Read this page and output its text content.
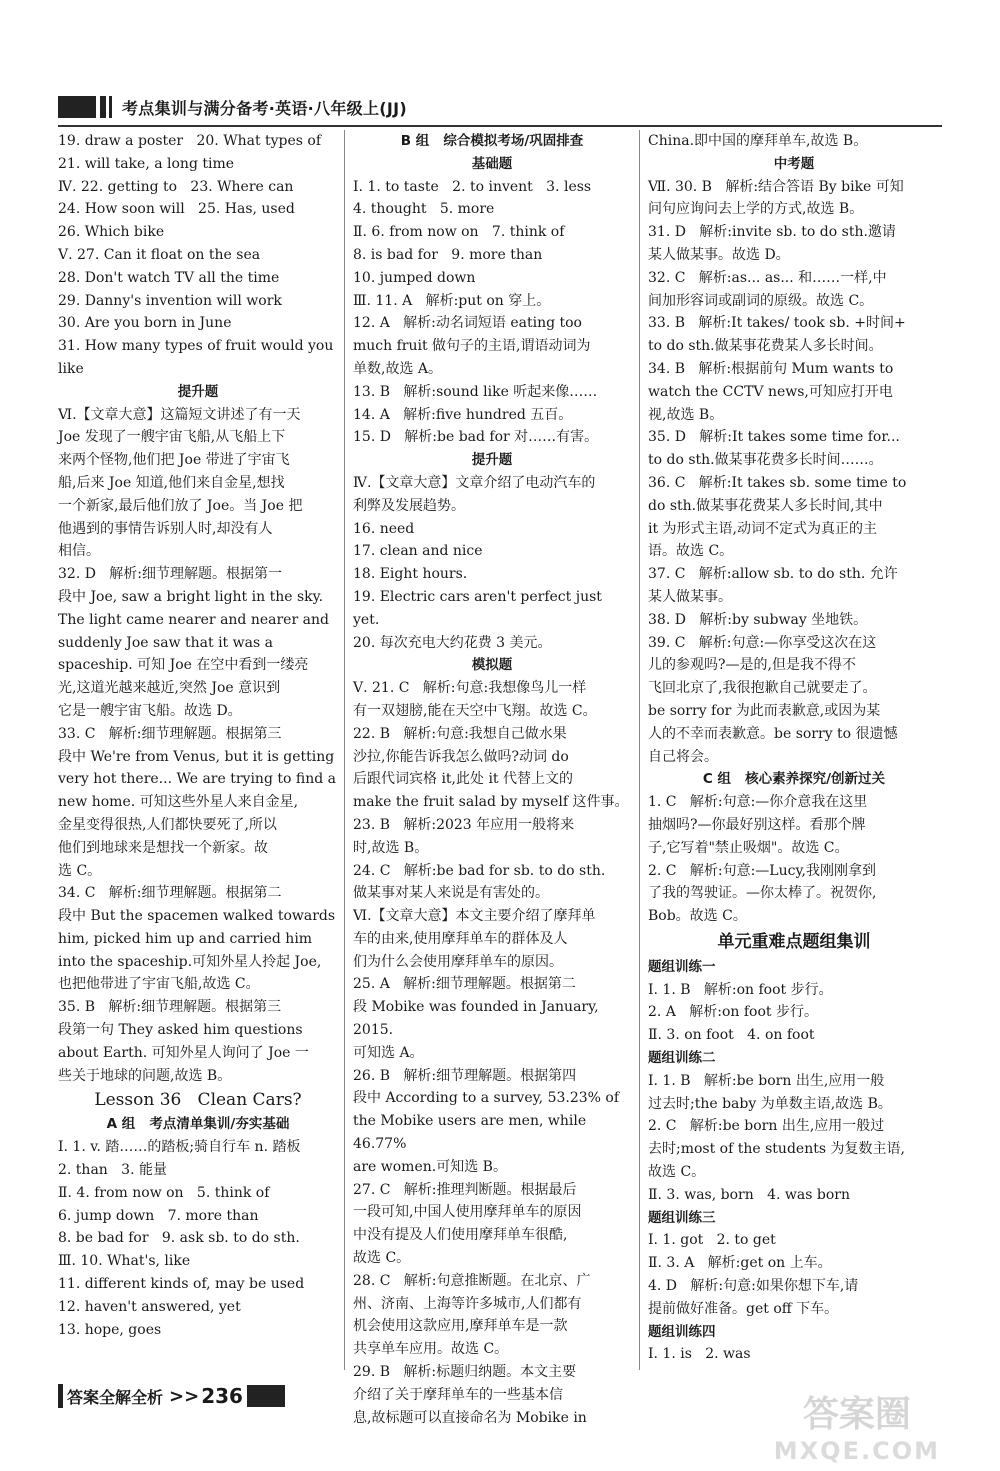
考点集训与满分备考·英语·八年级上(JJ)
19. draw a poster   20. What types of
21. will take, a long time
Ⅳ. 22. getting to   23. Where can
24. How soon will   25. Has, used
26. Which bike
Ⅴ. 27. Can it float on the sea
28. Don't watch TV all the time
29. Danny's invention will work
30. Are you born in June
31. How many types of fruit would you
like
提升题
Ⅵ.【文章大意】这篇短文讲述了有一天
Joe 发现了一艘宇宙飞船,从飞船上下
来两个怪物,他们把 Joe 带进了宇宙飞
船,后来 Joe 知道,他们来自金星,想找
一个新家,最后他们放了 Joe。当 Joe 把
他遇到的事情告诉别人时,却没有人
相信。
32. D   解析:细节理解题。根据第一
段中 Joe, saw a bright light in the sky.
The light came nearer and nearer and
suddenly Joe saw that it was a
spaceship. 可知 Joe 在空中看到一缕亮
光,这道光越来越近,突然 Joe 意识到
它是一艘宇宙飞船。故选 D。
33. C   解析:细节理解题。根据第三
段中 We're from Venus, but it is getting
very hot there... We are trying to find a
new home. 可知这些外星人来自金星,
金星变得很热,人们都快要死了,所以
他们到地球来是想找一个新家。故
选 C。
34. C   解析:细节理解题。根据第二
段中 But the spacemen walked towards
him, picked him up and carried him
into the spaceship.可知外星人拎起 Joe,
也把他带进了宇宙飞船,故选 C。
35. B   解析:细节理解题。根据第三
段第一句 They asked him questions
about Earth. 可知外星人询问了 Joe 一
些关于地球的问题,故选 B。
Lesson 36   Clean Cars?
A 组   考点清单集训/夯实基础
Ⅰ. 1. v. 踏……的踏板;骑自行车 n. 踏板
2. than   3. 能量
Ⅱ. 4. from now on   5. think of
6. jump down   7. more than
8. be bad for   9. ask sb. to do sth.
Ⅲ. 10. What's, like
11. different kinds of, may be used
12. haven't answered, yet
13. hope, goes
B 组   综合模拟考场/巩固排查
基础题
Ⅰ. 1. to taste   2. to invent   3. less
4. thought   5. more
Ⅱ. 6. from now on   7. think of
8. is bad for   9. more than
10. jumped down
Ⅲ. 11. A   解析:put on 穿上。
12. A   解析:动名词短语 eating too
much fruit 做句子的主语,谓语动词为
单数,故选 A。
13. B   解析:sound like 听起来像……
14. A   解析:five hundred 五百。
15. D   解析:be bad for 对……有害。
提升题
Ⅳ.【文章大意】文章介绍了电动汽车的
利弊及发展趋势。
16. need
17. clean and nice
18. Eight hours.
19. Electric cars aren't perfect just yet.
20. 每次充电大约花费 3 美元。
模拟题
Ⅴ. 21. C   解析:句意:我想像鸟儿一样
有一双翅膀,能在天空中飞翔。故选 C。
22. B   解析:句意:我想自己做水果
沙拉,你能告诉我怎么做吗?动词 do
后跟代词宾格 it,此处 it 代替上文的
make the fruit salad by myself 这件事。
23. B   解析:2023 年应用一般将来
时,故选 B。
24. C   解析:be bad for sb. to do sth.
做某事对某人来说是有害处的。
Ⅵ.【文章大意】本文主要介绍了摩拜单
车的由来,使用摩拜单车的群体及人
们为什么会使用摩拜单车的原因。
25. A   解析:细节理解题。根据第二
段 Mobike was founded in January, 2015.
可知选 A。
26. B   解析:细节理解题。根据第四
段中 According to a survey, 53.23% of
the Mobike users are men, while 46.77%
are women.可知选 B。
27. C   解析:推理判断题。根据最后
一段可知,中国人使用摩拜单车的原因
中没有提及人们使用摩拜单车很酷,
故选 C。
28. C   解析:句意推断题。在北京、广
州、济南、上海等许多城市,人们都有
机会使用这款应用,摩拜单车是一款
共享单车应用。故选 C。
29. B   解析:标题归纳题。本文主要
介绍了关于摩拜单车的一些基本信
息,故标题可以直接命名为 Mobike in
China.即中国的摩拜单车,故选 B。
中考题
Ⅶ. 30. B   解析:结合答语 By bike 可知
问句应询问去上学的方式,故选 B。
31. D   解析:invite sb. to do sth.邀请
某人做某事。故选 D。
32. C   解析:as... as... 和……一样,中
间加形容词或副词的原级。故选 C。
33. B   解析:It takes/ took sb. +时间+
to do sth.做某事花费某人多长时间。
34. B   解析:根据前句 Mum wants to
watch the CCTV news,可知应打开电
视,故选 B。
35. D   解析:It takes some time for...
to do sth.做某事花费多长时间……。
36. C   解析:It takes sb. some time to
do sth.做某事花费某人多长时间,其中
it 为形式主语,动词不定式为真正的主
语。故选 C。
37. C   解析:allow sb. to do sth. 允许
某人做某事。
38. D   解析:by subway 坐地铁。
39. C   解析:句意:—你享受这次在这
儿的参观吗?—是的,但是我不得不
飞回北京了,我很抱歉自己就要走了。
be sorry for 为此而表歉意,或因为某
人的不幸而表歉意。be sorry to 很遗憾
自己将会。
C 组   核心素养探究/创新过关
1. C   解析:句意:—你介意我在这里
抽烟吗?—你最好别这样。看那个牌
子,它写着"禁止吸烟"。故选 C。
2. C   解析:句意:—Lucy,我刚刚拿到
了我的驾驶证。—你太棒了。祝贺你,
Bob。故选 C。
单元重难点题组集训
题组训练一
Ⅰ. 1. B   解析:on foot 步行。
2. A   解析:on foot 步行。
Ⅱ. 3. on foot   4. on foot
题组训练二
Ⅰ. 1. B   解析:be born 出生,应用一般
过去时;the baby 为单数主语,故选 B。
2. C   解析:be born 出生,应用一般过
去时;most of the students 为复数主语,
故选 C。
Ⅱ. 3. was, born   4. was born
题组训练三
Ⅰ. 1. got   2. to get
Ⅱ. 3. A   解析:get on 上车。
4. D   解析:句意:如果你想下车,请
提前做好准备。get off 下车。
题组训练四
Ⅰ. 1. is   2. was
答案全解全析 >> 236	答案圈
MXQE.COM
